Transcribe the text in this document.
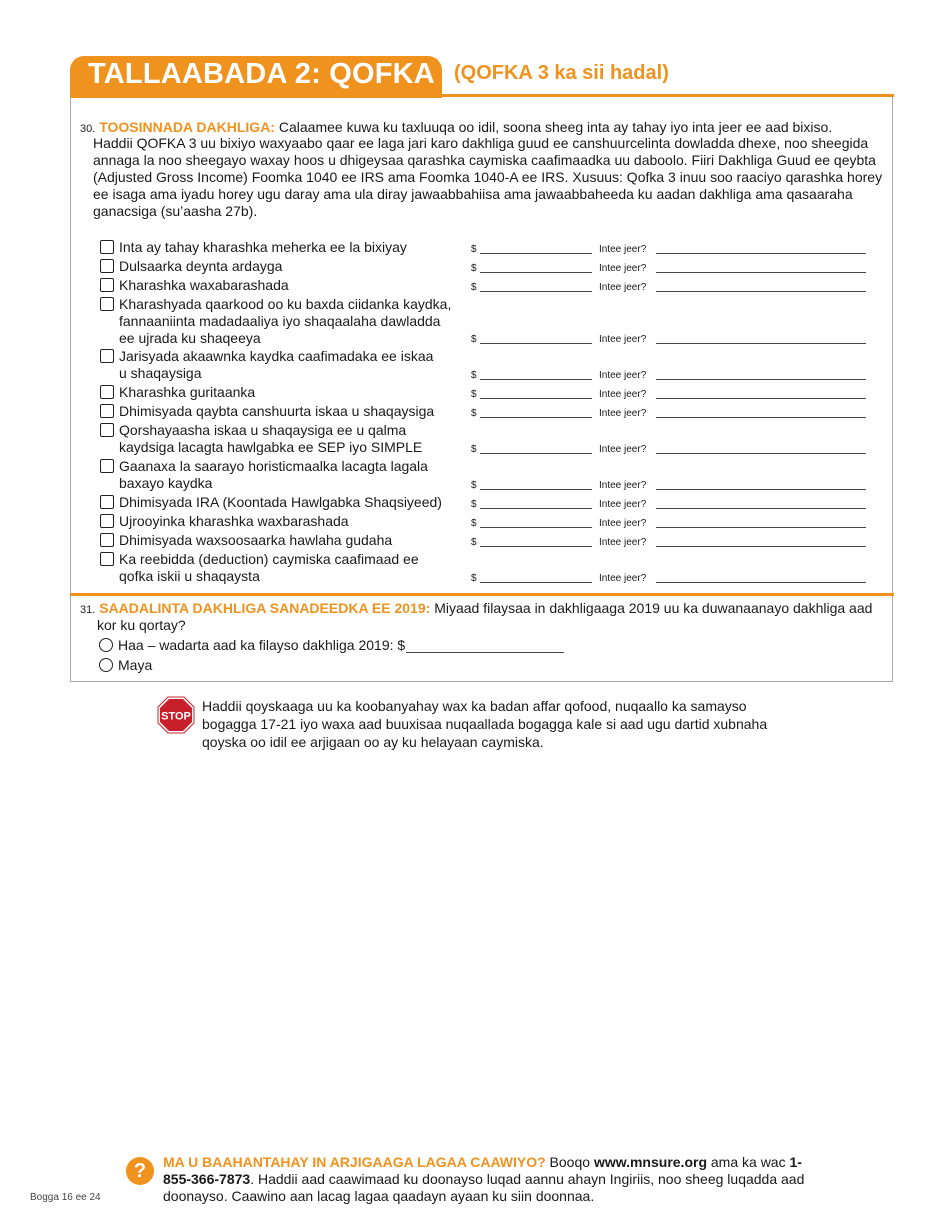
TALLAABADA 2: QOFKA 3
(QOFKA 3 ka sii hadal)
30. TOOSINNADA DAKHLIGA: Calaamee kuwa ku taxluuqa oo idil, soona sheeg inta ay tahay iyo inta jeer ee aad bixiso.
Haddii QOFKA 3 uu bixiyo waxyaabo qaar ee laga jari karo dakhliga guud ee canshuurcelinta dowladda dhexe, noo sheegida annaga la noo sheegayo waxay hoos u dhigeysaa qarashka caymiska caafimaadka uu daboolo. Fiiri Dakhliga Guud ee qeybta (Adjusted Gross Income) Foomka 1040 ee IRS ama Foomka 1040-A ee IRS. Xusuus: Qofka 3 inuu soo raaciyo qarashka horey ee isaga ama iyadu horey ugu daray ama ula diray jawaabbahiisa ama jawaabbaheeda ku aadan dakhliga ama qasaaraha ganacsiga (su’aasha 27b).
Inta ay tahay kharashka meherka ee la bixiyay	$	Intee jeer?
Dulsaarka deynta ardayga	$	Intee jeer?
Kharashka waxabarashada	$	Intee jeer?
Kharashyada qaarkood oo ku baxda ciidanka kaydka,
fannaaniinta madadaaliya iyo shaqaalaha dawladda
ee ujrada ku shaqeeya	$	Intee jeer?
Jarisyada akaawnka kaydka caafimadaka ee iskaa
u shaqaysiga	$	Intee jeer?
Kharashka guritaanka	$	Intee jeer?
Dhimisyada qaybta canshuurta iskaa u shaqaysiga	$	Intee jeer?
Qorshayaasha iskaa u shaqaysiga ee u qalma
kaydsiga lacagta hawlgabka ee SEP iyo SIMPLE	$	Intee jeer?
Gaanaxa la saarayo horisticmaalka lacagta lagala
baxayo kaydka	$	Intee jeer?
Dhimisyada IRA (Koontada Hawlgabka Shaqsiyeed)	$	Intee jeer?
Ujrooyinka kharashka waxbarashada	$	Intee jeer?
Dhimisyada waxsoosaarka hawlaha gudaha	$	Intee jeer?
Ka reebidda (deduction) caymiska caafimaad ee
qofka iskii u shaqaysta	$	Intee jeer?
31. SAADALINTA DAKHLIGA SANADEEDKA EE 2019: Miyaad filaysaa in dakhligaaga 2019 uu ka duwanaanayo dakhliga aad
kor ku qortay?
Haa – wadarta aad ka filayso dakhliga 2019: $
Maya
STOP
Haddii qoyskaaga uu ka koobanyahay wax ka badan affar qofood, nuqaallo ka samayso bogagga 17-21 iyo waxa aad buuxisaa nuqaallada bogagga kale si aad ugu dartid xubnaha qoyska oo idil ee arjigaan oo ay ku helayaan caymiska.
?	MA U BAAHANTAHAY IN ARJIGAAGA LAGAA CAAWIYO? Booqo www.mnsure.org ama ka wac 1-855-366-7873. Haddii aad caawimaad ku doonayso luqad aannu ahayn Ingiriis, noo sheeg luqadda aad doonayso. Caawino aan lacag lagaa qaadayn ayaan ku siin doonnaa.
Bogga 16 ee 24
